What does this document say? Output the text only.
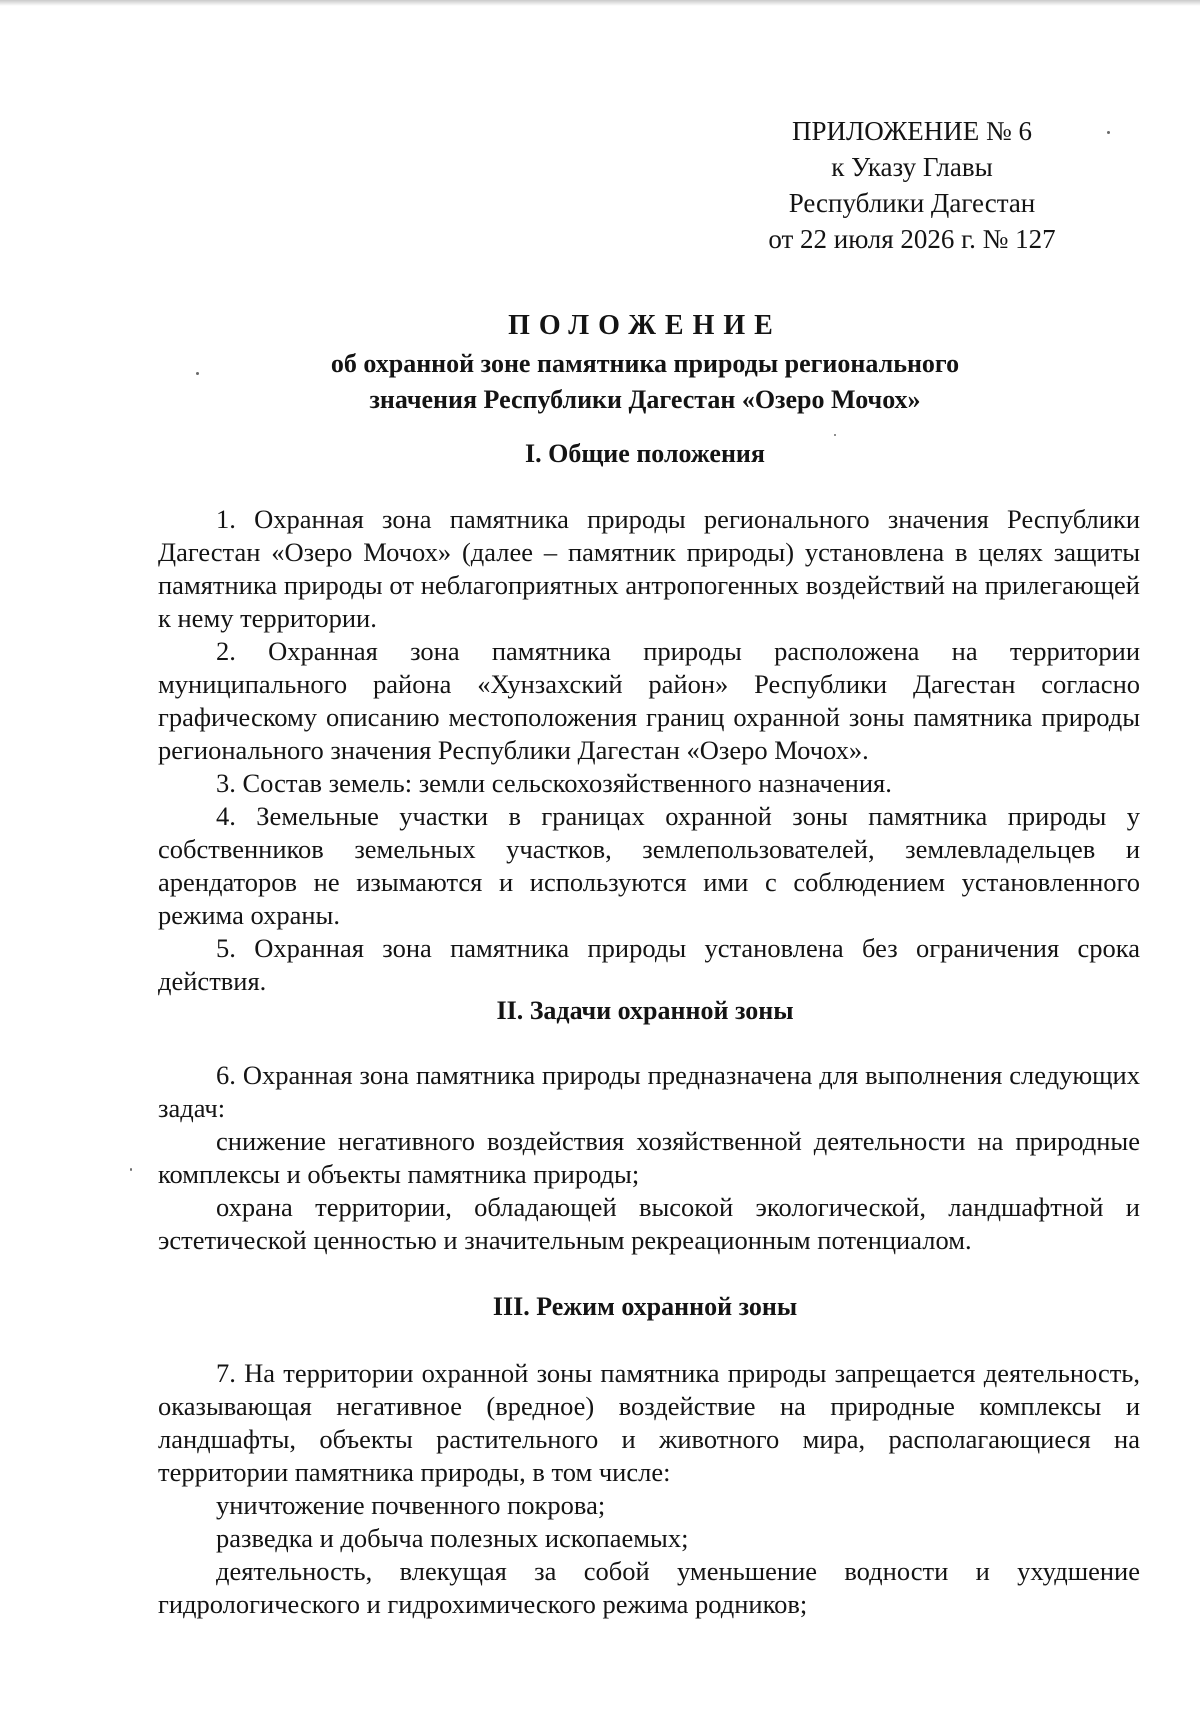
ПРИЛОЖЕНИЕ № 6
к Указу Главы
Республики Дагестан
от 22 июля 2026 г. № 127
ПОЛОЖЕНИЕ
об охранной зоне памятника природы регионального
значения Республики Дагестан «Озеро Мочох»
I. Общие положения

1. Охранная зона памятника природы регионального значения Республики Дагестан «Озеро Мочох» (далее – памятник природы) установлена в целях защиты памятника природы от неблагоприятных антропогенных воздействий на прилегающей к нему территории.

2. Охранная зона памятника природы расположена на территории муниципального района «Хунзахский район» Республики Дагестан согласно графическому описанию местоположения границ охранной зоны памятника природы регионального значения Республики Дагестан «Озеро Мочох».

3. Состав земель: земли сельскохозяйственного назначения.

4. Земельные участки в границах охранной зоны памятника природы у собственников земельных участков, землепользователей, землевладельцев и арендаторов не изымаются и используются ими с соблюдением установленного режима охраны.

5. Охранная зона памятника природы установлена без ограничения срока действия.

II. Задачи охранной зоны

6. Охранная зона памятника природы предназначена для выполнения следующих задач:

снижение негативного воздействия хозяйственной деятельности на природные комплексы и объекты памятника природы;

охрана территории, обладающей высокой экологической, ландшафтной и эстетической ценностью и значительным рекреационным потенциалом.

III. Режим охранной зоны

7. На территории охранной зоны памятника природы запрещается деятельность, оказывающая негативное (вредное) воздействие на природные комплексы и ландшафты, объекты растительного и животного мира, располагающиеся на территории памятника природы, в том числе:

уничтожение почвенного покрова;

разведка и добыча полезных ископаемых;

деятельность, влекущая за собой уменьшение водности и ухудшение гидрологического и гидрохимического режима родников;
